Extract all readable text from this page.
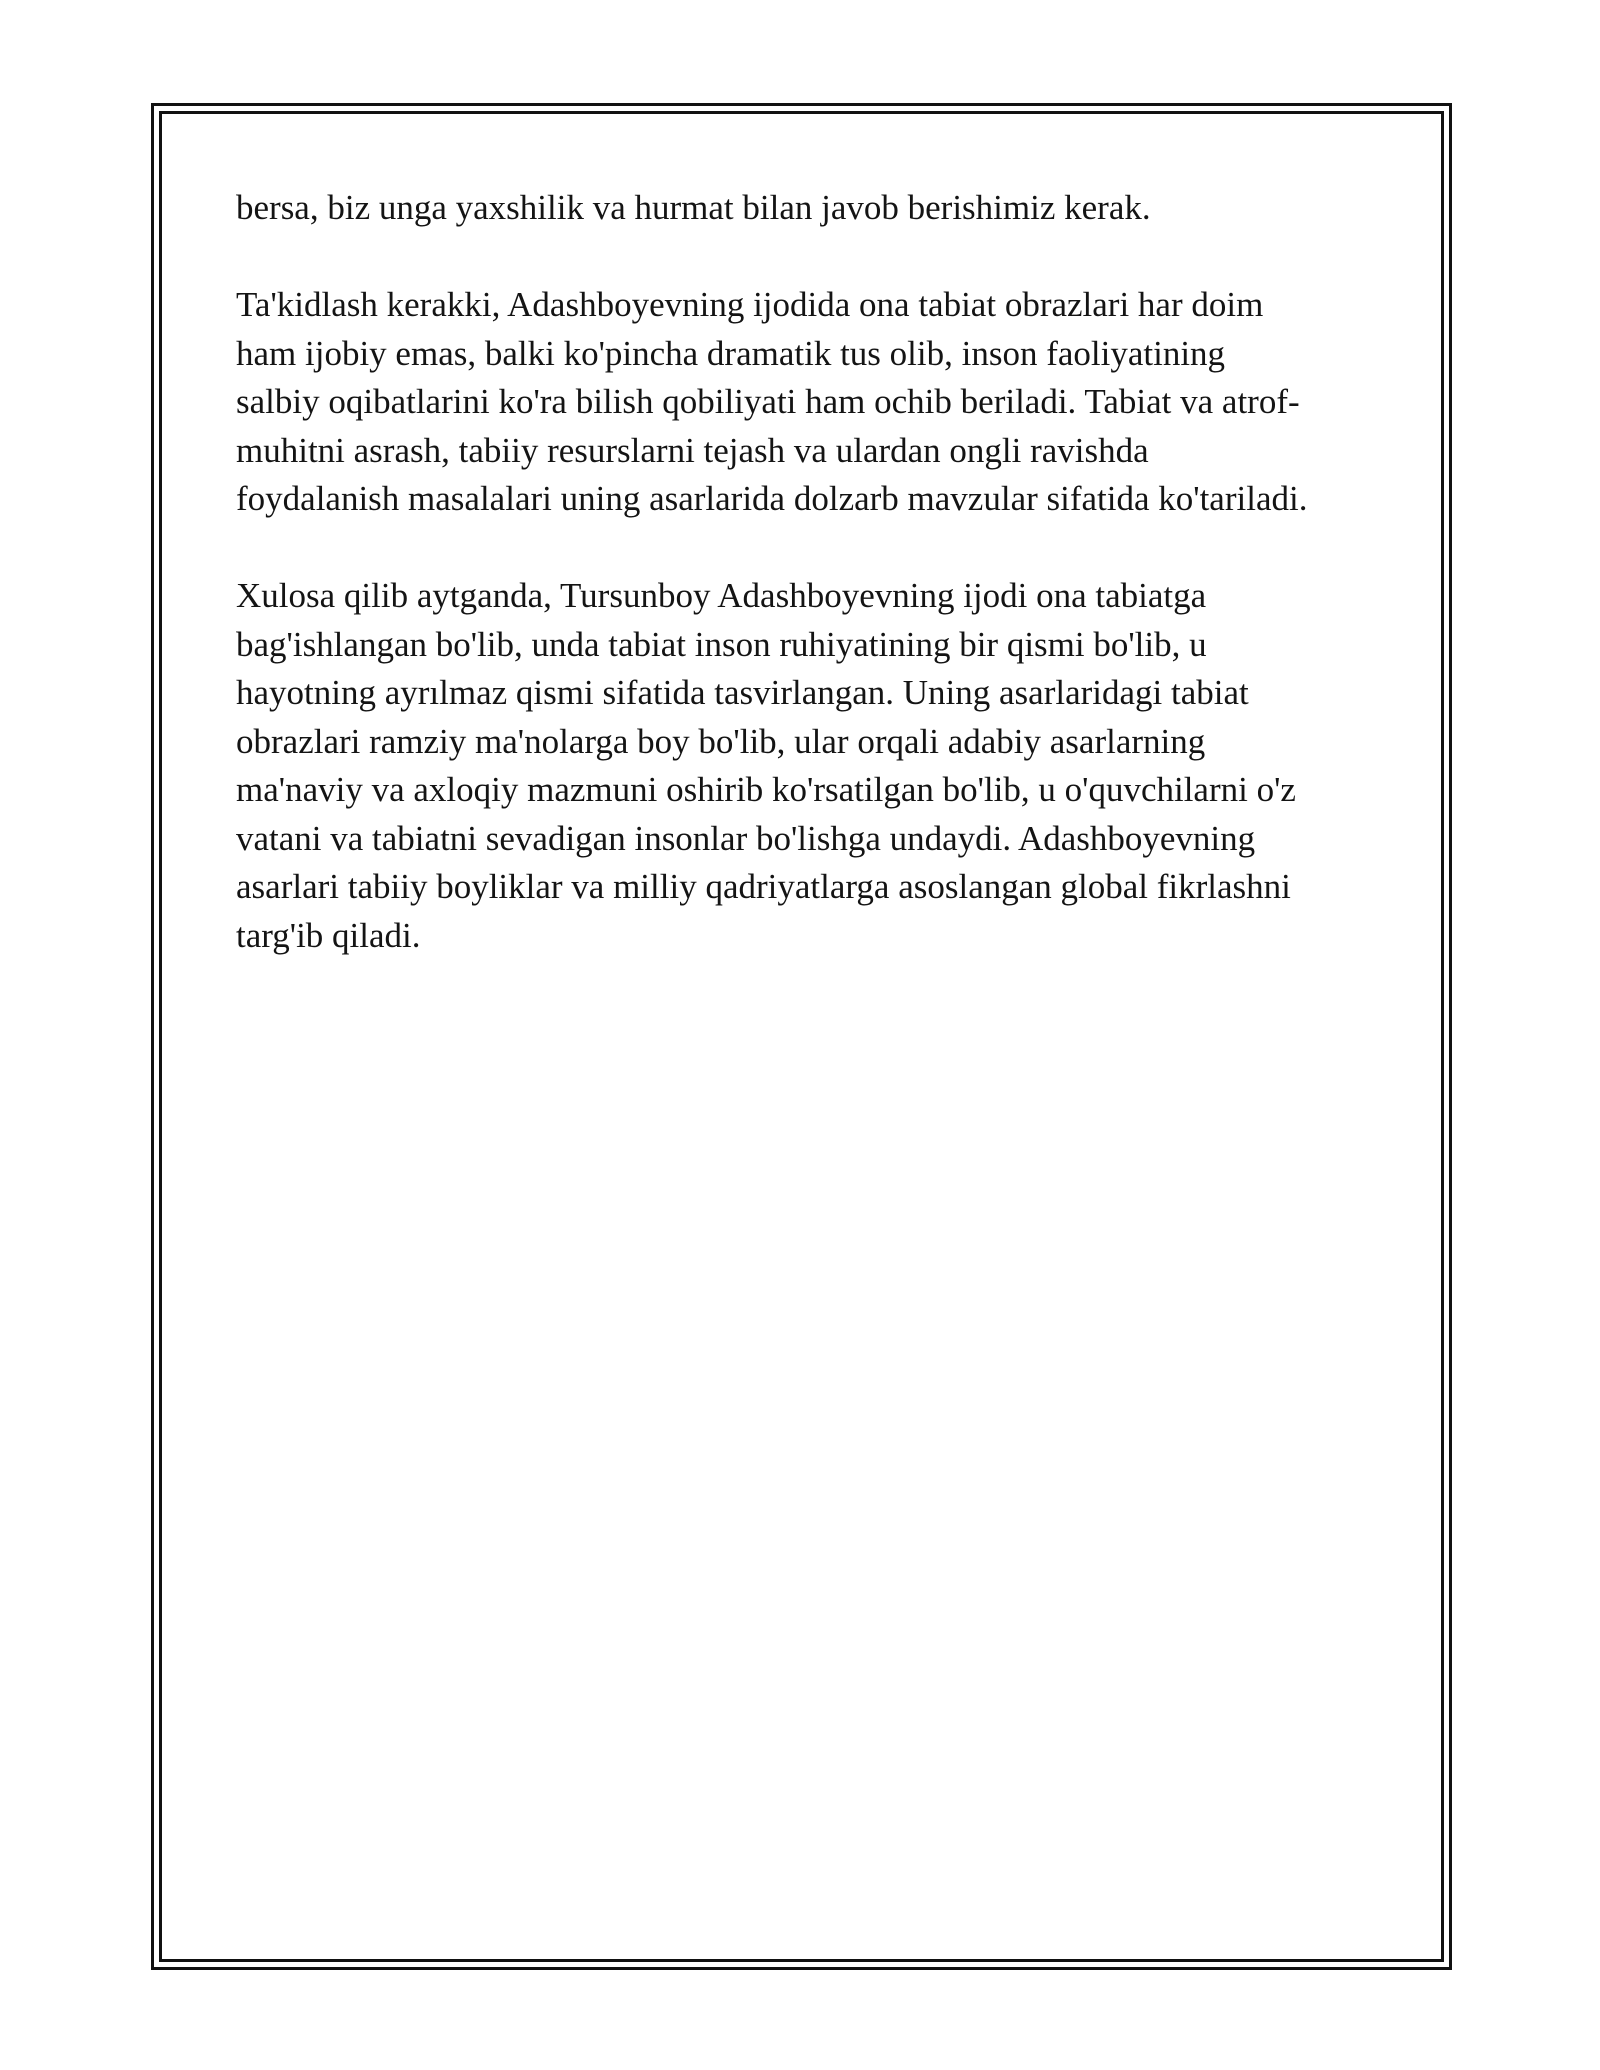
bersa, biz unga yaxshilik va hurmat bilan javob berishimiz kerak.

Ta'kidlash kerakki, Adashboyevning ijodida ona tabiat obrazlari har doim
ham ijobiy emas, balki ko'pincha dramatik tus olib, inson faoliyatining
salbiy oqibatlarini ko'ra bilish qobiliyati ham ochib beriladi. Tabiat va atrof-
muhitni asrash, tabiiy resurslarni tejash va ulardan ongli ravishda
foydalanish masalalari uning asarlarida dolzarb mavzular sifatida ko'tariladi.

Xulosa qilib aytganda, Tursunboy Adashboyevning ijodi ona tabiatga
bag'ishlangan bo'lib, unda tabiat inson ruhiyatining bir qismi bo'lib, u
hayotning ayrılmaz qismi sifatida tasvirlangan. Uning asarlaridagi tabiat
obrazlari ramziy ma'nolarga boy bo'lib, ular orqali adabiy asarlarning
ma'naviy va axloqiy mazmuni oshirib ko'rsatilgan bo'lib, u o'quvchilarni o'z
vatani va tabiatni sevadigan insonlar bo'lishga undaydi. Adashboyevning
asarlari tabiiy boyliklar va milliy qadriyatlarga asoslangan global fikrlashni
targ'ib qiladi.
